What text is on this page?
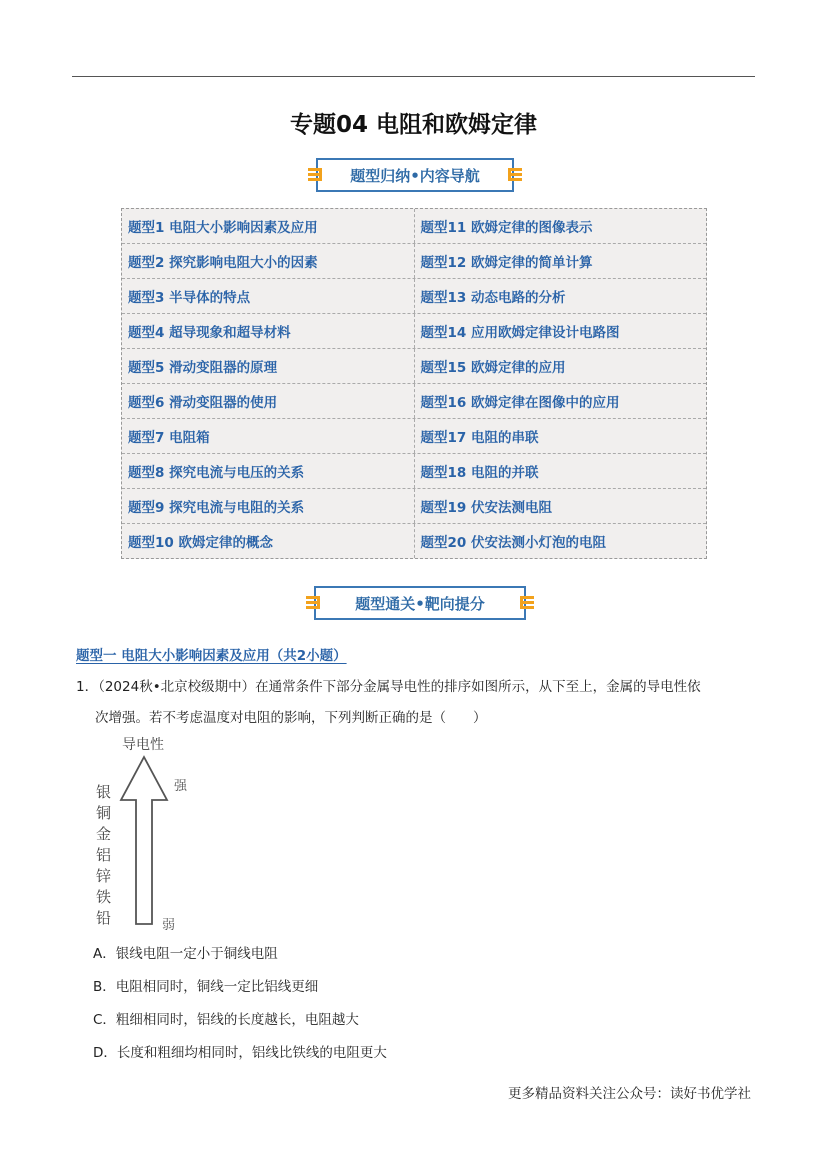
专题04 电阻和欧姆定律
题型归纳•内容导航
题型1 电阻大小影响因素及应用	题型11 欧姆定律的图像表示
题型2 探究影响电阻大小的因素	题型12 欧姆定律的简单计算
题型3 半导体的特点	题型13 动态电路的分析
题型4 超导现象和超导材料	题型14 应用欧姆定律设计电路图
题型5 滑动变阻器的原理	题型15 欧姆定律的应用
题型6 滑动变阻器的使用	题型16 欧姆定律在图像中的应用
题型7 电阻箱	题型17 电阻的串联
题型8 探究电流与电压的关系	题型18 电阻的并联
题型9 探究电流与电阻的关系	题型19 伏安法测电阻
题型10 欧姆定律的概念	题型20 伏安法测小灯泡的电阻
题型通关•靶向提分
题型一 电阻大小影响因素及应用（共2小题）
1．（2024秋•北京校级期中）在通常条件下部分金属导电性的排序如图所示，从下至上，金属的导电性依
次增强。若不考虑温度对电阻的影响，下列判断正确的是（　　）
导电性
强
弱
银
铜
金
铝
锌
铁
铅
A．银线电阻一定小于铜线电阻
B．电阻相同时，铜线一定比铝线更细
C．粗细相同时，铝线的长度越长，电阻越大
D．长度和粗细均相同时，铝线比铁线的电阻更大
更多精品资料关注公众号：读好书优学社
